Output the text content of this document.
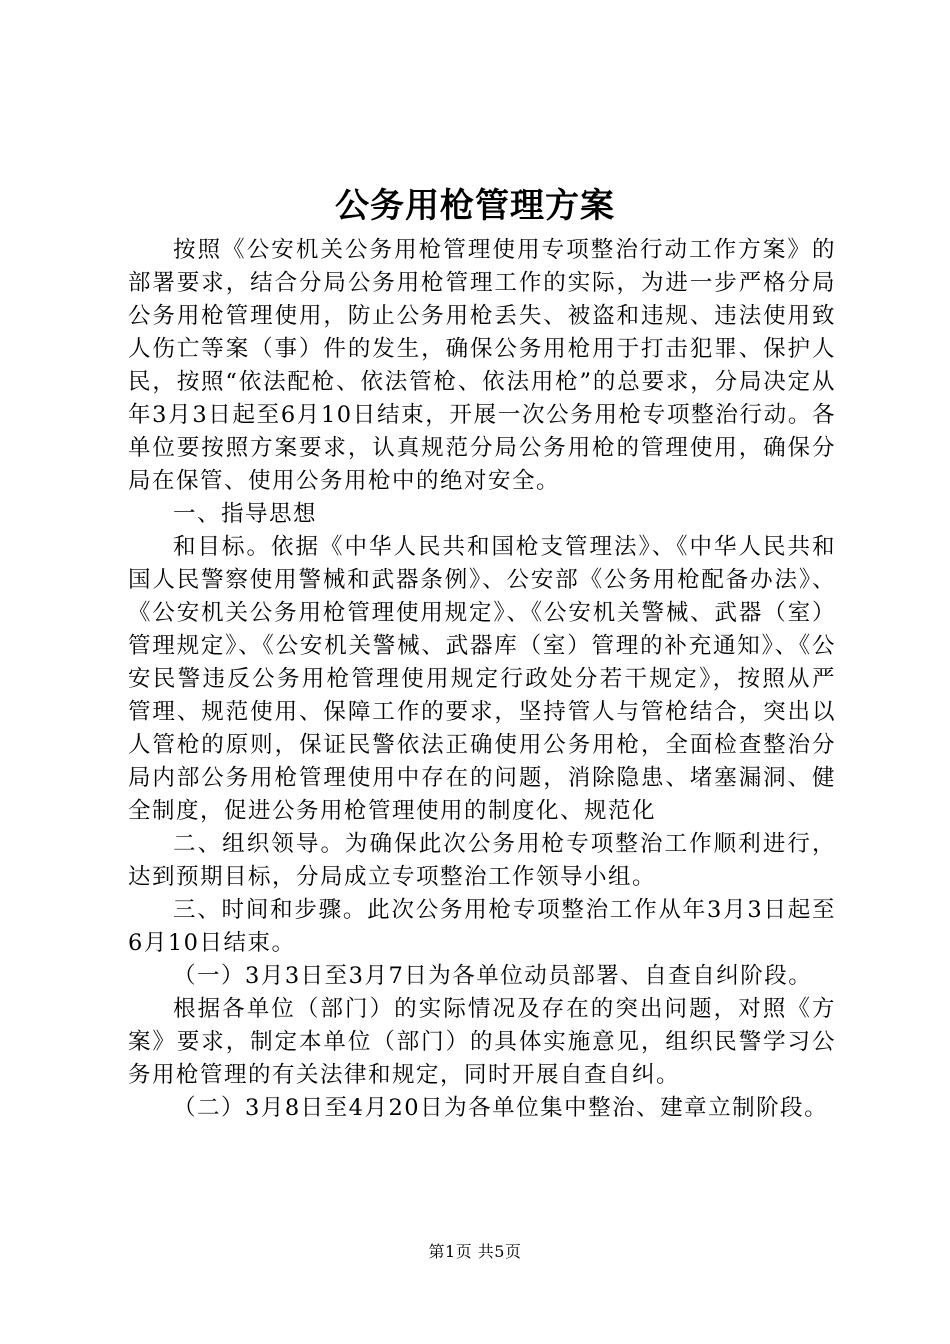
公务用枪管理方案

按照《公安机关公务用枪管理使用专项整治行动工作方案》的部署要求，结合分局公务用枪管理工作的实际，为进一步严格分局公务用枪管理使用，防止公务用枪丢失、被盗和违规、违法使用致人伤亡等案（事）件的发生，确保公务用枪用于打击犯罪、保护人民，按照“依法配枪、依法管枪、依法用枪”的总要求，分局决定从年3月3日起至6月10日结束，开展一次公务用枪专项整治行动。各单位要按照方案要求，认真规范分局公务用枪的管理使用，确保分局在保管、使用公务用枪中的绝对安全。

一、指导思想

和目标。依据《中华人民共和国枪支管理法》、《中华人民共和国人民警察使用警械和武器条例》、公安部《公务用枪配备办法》、《公安机关公务用枪管理使用规定》、《公安机关警械、武器（室）管理规定》、《公安机关警械、武器库（室）管理的补充通知》、《公安民警违反公务用枪管理使用规定行政处分若干规定》，按照从严管理、规范使用、保障工作的要求，坚持管人与管枪结合，突出以人管枪的原则，保证民警依法正确使用公务用枪，全面检查整治分局内部公务用枪管理使用中存在的问题，消除隐患、堵塞漏洞、健全制度，促进公务用枪管理使用的制度化、规范化

二、组织领导。为确保此次公务用枪专项整治工作顺利进行，达到预期目标，分局成立专项整治工作领导小组。

三、时间和步骤。此次公务用枪专项整治工作从年3月3日起至6月10日结束。

（一）3月3日至3月7日为各单位动员部署、自查自纠阶段。

根据各单位（部门）的实际情况及存在的突出问题，对照《方案》要求，制定本单位（部门）的具体实施意见，组织民警学习公务用枪管理的有关法律和规定，同时开展自查自纠。

（二）3月8日至4月20日为各单位集中整治、建章立制阶段。

第1页 共5页
